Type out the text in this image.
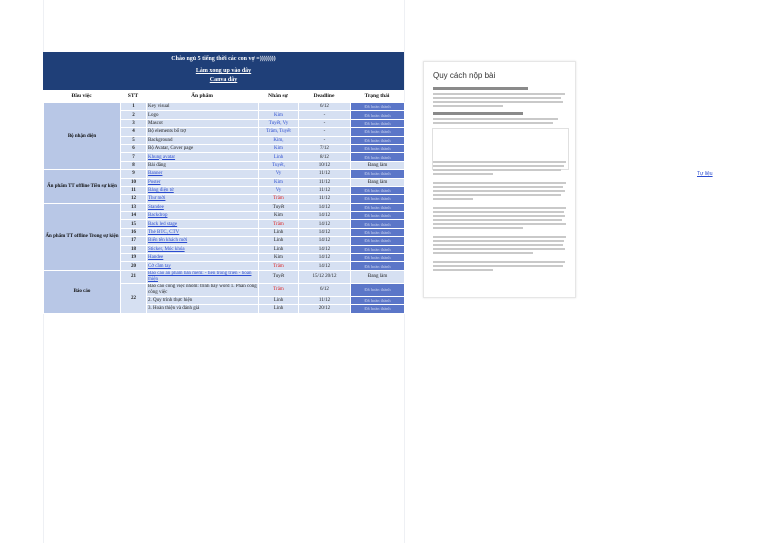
Chào ngủ 5 tiếng thời các con vợ =))))))))
Làm xong up vào đây
Canva đây
Đầu việc	STT	Ấn phẩm	Nhân sự	Deadline	Trạng thái
Bộ nhận diện	1	Key visual		6/12	Đã hoàn thành
	2	Logo	Kim	-	Đã hoàn thành
	3	Mascot	Tuyết, Vy	-	Đã hoàn thành
	4	Bộ elements bổ trợ	Trâm, Tuyết	-	Đã hoàn thành
	5	Background	Kim,	-	Đã hoàn thành
	6	Bộ Avatar, Cover page	Kim	7/12	Đã hoàn thành
	7	Khung avatar	Linh	8/12	Đã hoàn thành
	8	Bài đăng	Tuyết,	10/12	Đang làm
Ấn phẩm TT offline Tiền sự kiện	9	Banner	Vy	11/12	Đã hoàn thành
	10	Poster	Kim	11/12	Đang làm
	11	Bảng điện tử	Vy	11/12	Đã hoàn thành
	12	Thư mời	Trâm	11/12	Đã hoàn thành
Ấn phẩm TT offline Trong sự kiện	13	Standee	Tuyết	14/12	Đã hoàn thành
	14	Backdrop	Kim	14/12	Đã hoàn thành
	15	Back led stage	Trâm	14/12	Đã hoàn thành
	16	Thẻ BTC, CTV	Linh	14/12	Đã hoàn thành
	17	Biển tên khách mời	Linh	14/12	Đã hoàn thành
	18	Sticker, Móc khóa	Linh	14/12	Đã hoàn thành
	19	Handee	Kim	14/12	Đã hoàn thành
	20	Cờ cầm tay	Trâm	14/12	Đã hoàn thành
Báo cáo	21	Báo cáo ấn phẩm bản mềm: - tiền trong triển - hoàn thiện	Tuyết	15/12 20/12	Đang làm
	22	Báo cáo công việc nhóm: trình bày word 1. Phân công công việc	Trâm	6/12	Đã hoàn thành
		2. Quy trình thực hiện	Linh	11/12	Đã hoàn thành
		3. Hoàn thiện và đánh giá	Linh	20/12	Đã hoàn thành
Quy cách nộp bài
Tự liệu
